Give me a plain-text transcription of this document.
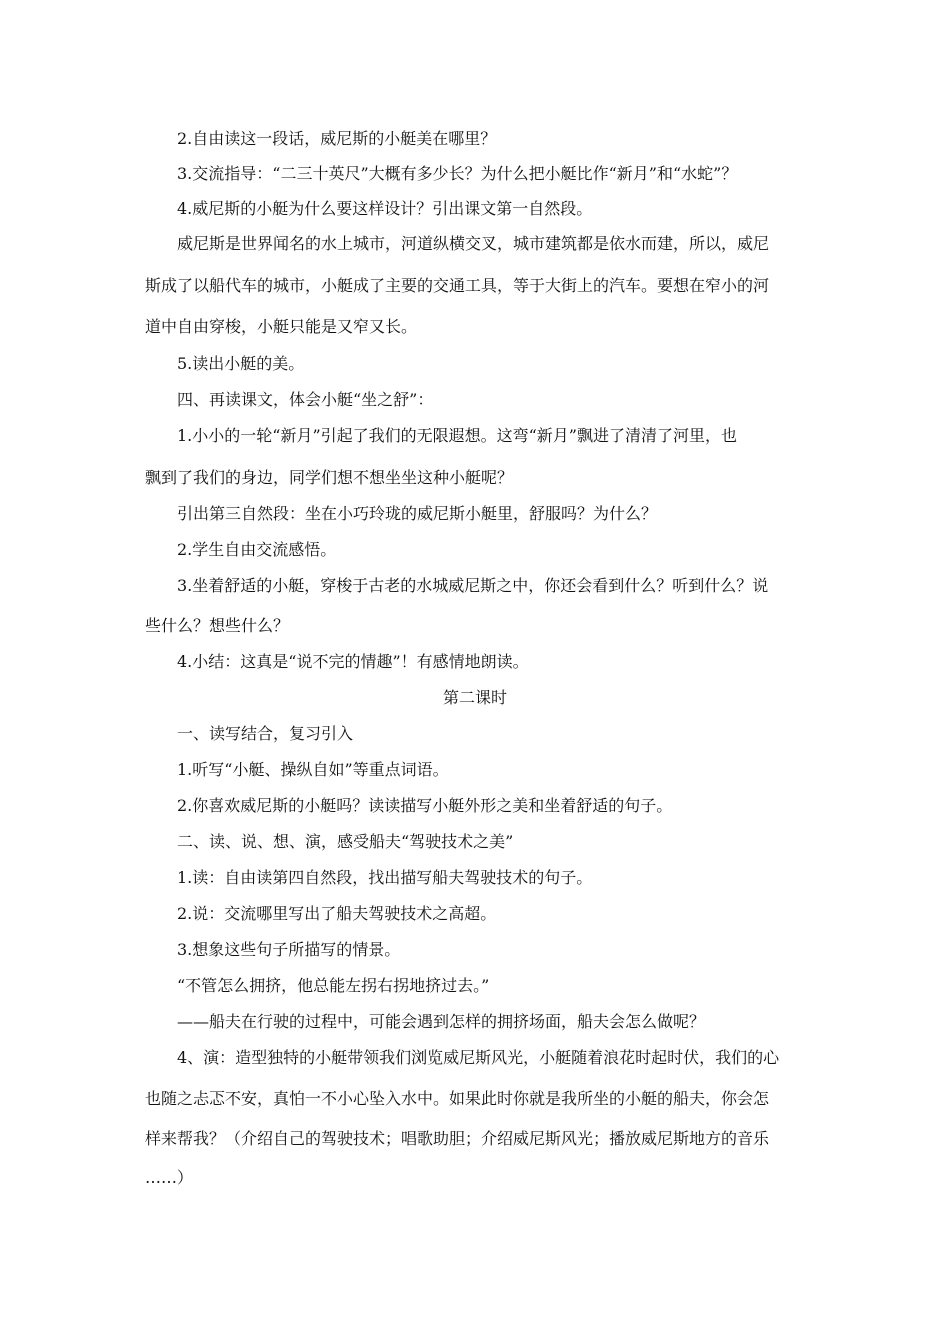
2.自由读这一段话，威尼斯的小艇美在哪里？
3.交流指导：“二三十英尺”大概有多少长？为什么把小艇比作“新月”和“水蛇”？
4.威尼斯的小艇为什么要这样设计？引出课文第一自然段。
威尼斯是世界闻名的水上城市，河道纵横交叉，城市建筑都是依水而建，所以，威尼
斯成了以船代车的城市，小艇成了主要的交通工具，等于大街上的汽车。要想在窄小的河
道中自由穿梭，小艇只能是又窄又长。
5.读出小艇的美。
四、再读课文，体会小艇“坐之舒”：
1.小小的一轮“新月”引起了我们的无限遐想。这弯“新月”飘进了清清了河里，也
飘到了我们的身边，同学们想不想坐坐这种小艇呢？
引出第三自然段：坐在小巧玲珑的威尼斯小艇里，舒服吗？为什么？
2.学生自由交流感悟。
3.坐着舒适的小艇，穿梭于古老的水城威尼斯之中，你还会看到什么？听到什么？说
些什么？想些什么？
4.小结：这真是“说不完的情趣”！有感情地朗读。
第二课时
一、读写结合，复习引入
1.听写“小艇、操纵自如”等重点词语。
2.你喜欢威尼斯的小艇吗？读读描写小艇外形之美和坐着舒适的句子。
二、读、说、想、演，感受船夫“驾驶技术之美”
1.读：自由读第四自然段，找出描写船夫驾驶技术的句子。
2.说：交流哪里写出了船夫驾驶技术之高超。
3.想象这些句子所描写的情景。
“不管怎么拥挤，他总能左拐右拐地挤过去。”
——船夫在行驶的过程中，可能会遇到怎样的拥挤场面，船夫会怎么做呢？
4、演：造型独特的小艇带领我们浏览威尼斯风光，小艇随着浪花时起时伏，我们的心
也随之忐忑不安，真怕一不小心坠入水中。如果此时你就是我所坐的小艇的船夫，你会怎
样来帮我？（介绍自己的驾驶技术；唱歌助胆；介绍威尼斯风光；播放威尼斯地方的音乐
……）
